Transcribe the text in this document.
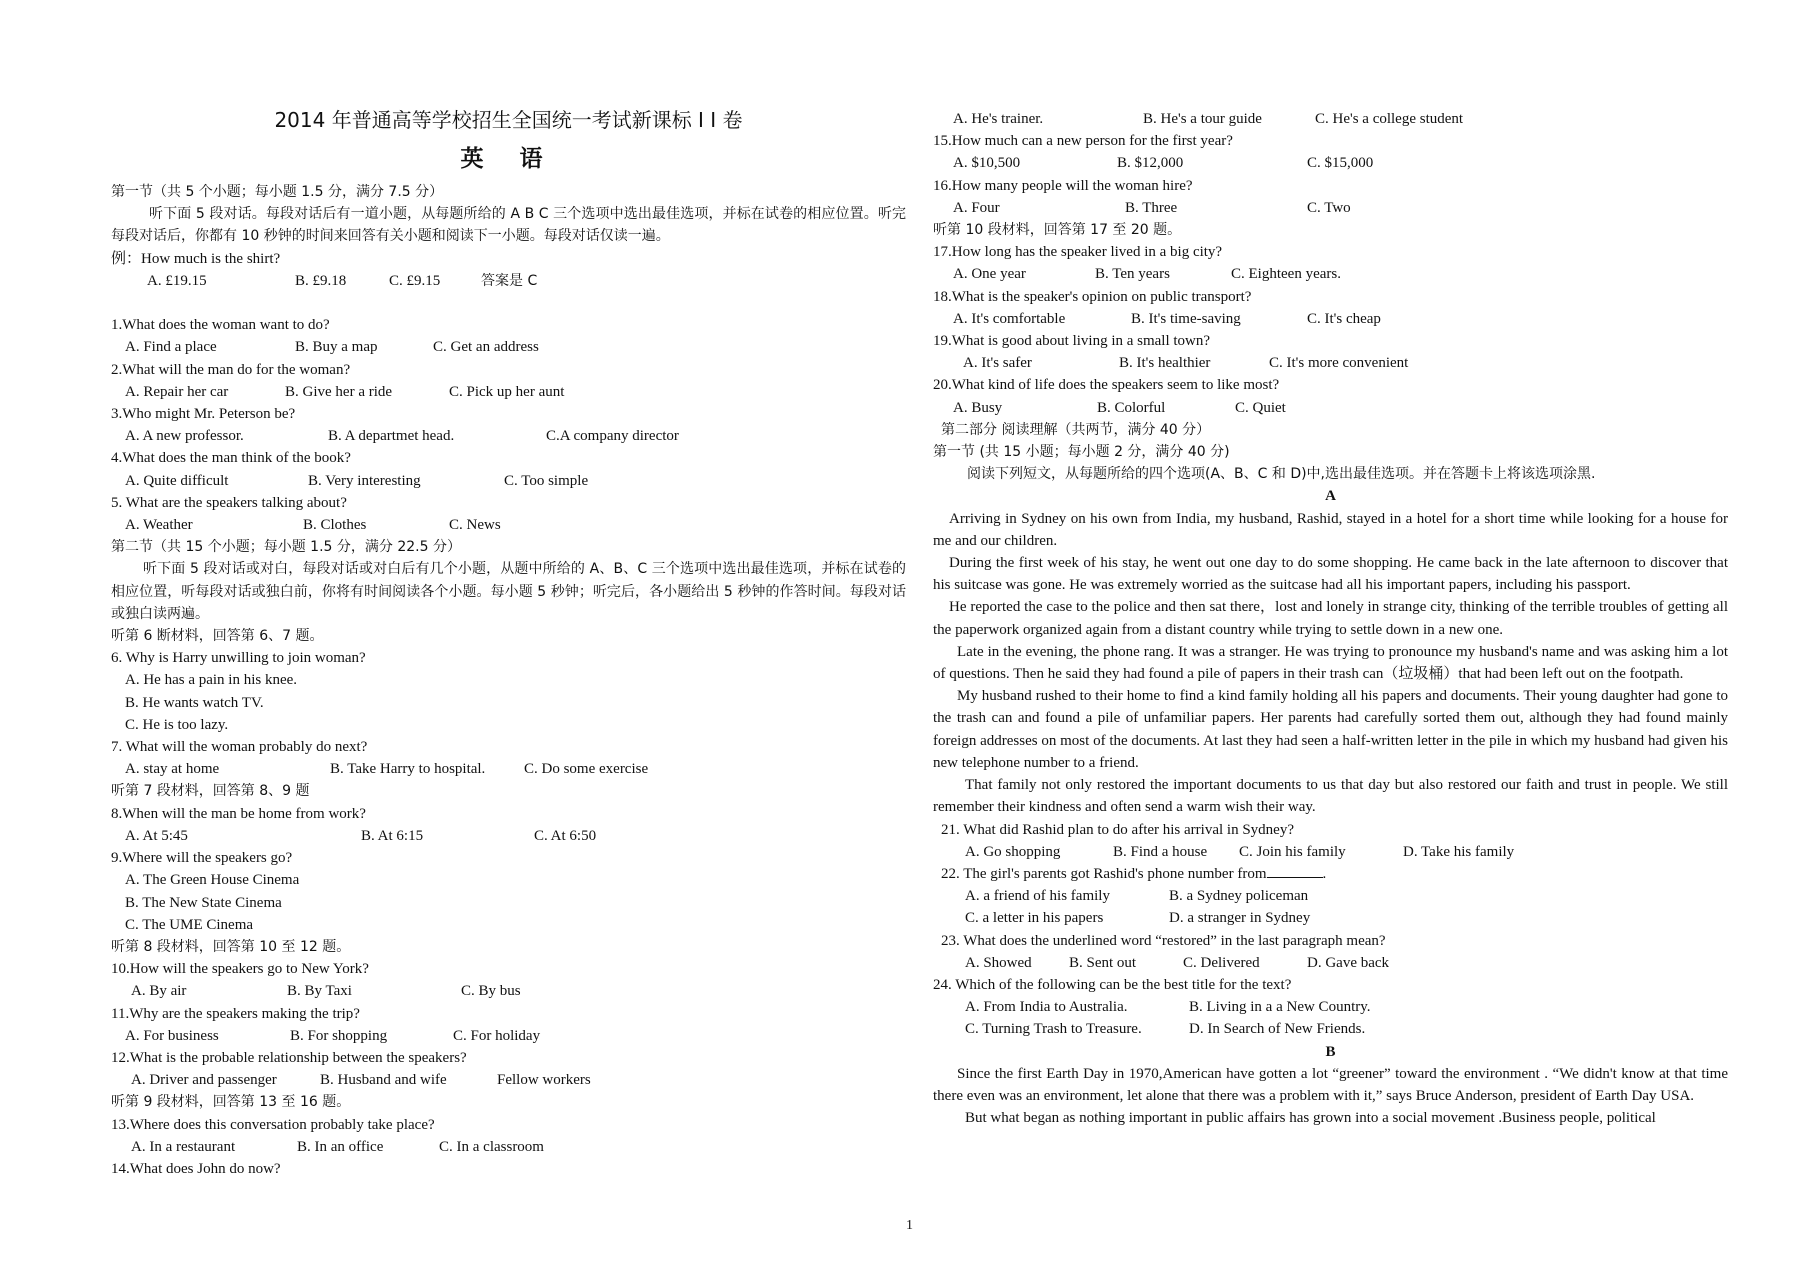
2014 年普通高等学校招生全国统一考试新课标 I I 卷
英 语
第一节（共 5 个小题；每小题 1.5 分，满分 7.5 分）
听下面 5 段对话。每段对话后有一道小题，从每题所给的 A B C 三个选项中选出最佳选项，并标在试卷的相应位置。听完每段对话后，你都有 10 秒钟的时间来回答有关小题和阅读下一小题。每段对话仅读一遍。
例：How much is the shirt?
A. £19.15	B. £9.18	C. £9.15	答案是 C

1.What does the woman want to do?
A. Find a place	B. Buy a map	C. Get an address
2.What will the man do for the woman?
A. Repair her car	B. Give her a ride	C. Pick up her aunt
3.Who might Mr. Peterson be?
A. A new professor.	B. A departmet head.	C.A company director
4.What does the man think of the book?
A. Quite difficult	B. Very interesting	C. Too simple
5. What are the speakers talking about?
A. Weather	B. Clothes	C. News
第二节（共 15 个小题；每小题 1.5 分，满分 22.5 分）
听下面 5 段对话或对白，每段对话或对白后有几个小题，从题中所给的 A、B、C 三个选项中选出最佳选项，并标在试卷的相应位置，听每段对话或独白前，你将有时间阅读各个小题。每小题 5 秒钟；听完后，各小题给出 5 秒钟的作答时间。每段对话或独白读两遍。
听第 6 断材料，回答第 6、7 题。
6. Why is Harry unwilling to join woman?
A. He has a pain in his knee.
B. He wants watch TV.
C. He is too lazy.
7. What will the woman probably do next?
A. stay at home	B. Take Harry to hospital.	C. Do some exercise
听第 7 段材料，回答第 8、9 题
8.When will the man be home from work?
A. At 5:45	B. At 6:15	C. At 6:50
9.Where will the speakers go?
A. The Green House Cinema
B. The New State Cinema
C. The UME Cinema
听第 8 段材料，回答第 10 至 12 题。
10.How will the speakers go to New York?
A. By air	B. By Taxi	C. By bus
11.Why are the speakers making the trip?
A. For business	B. For shopping	C. For holiday
12.What is the probable relationship between the speakers?
A. Driver and passenger	B. Husband and wife	Fellow workers
听第 9 段材料，回答第 13 至 16 题。
13.Where does this conversation probably take place?
A. In a restaurant	B. In an office	C. In a classroom
14.What does John do now?
A. He's trainer.	B. He's a tour guide	C. He's a college student
15.How much can a new person for the first year?
A. $10,500	B. $12,000	C. $15,000
16.How many people will the woman hire?
A. Four	B. Three	C. Two
听第 10 段材料，回答第 17 至 20 题。
17.How long has the speaker lived in a big city?
A. One year	B. Ten years	C. Eighteen years.
18.What is the speaker's opinion on public transport?
A. It's comfortable	B. It's time-saving	C. It's cheap
19.What is good about living in a small town?
A. It's safer	B. It's healthier	C. It's more convenient
20.What kind of life does the speakers seem to like most?
A. Busy	B. Colorful	C. Quiet
第二部分 阅读理解（共两节，满分 40 分）
第一节 (共 15 小题；每小题 2 分，满分 40 分)
阅读下列短文，从每题所给的四个选项(A、B、C 和 D)中,选出最佳选项。并在答题卡上将该选项涂黑.
A
Arriving in Sydney on his own from India, my husband, Rashid, stayed in a hotel for a short time while looking for a house for me and our children.
During the first week of his stay, he went out one day to do some shopping. He came back in the late afternoon to discover that his suitcase was gone. He was extremely worried as the suitcase had all his important papers, including his passport.
He reported the case to the police and then sat there，lost and lonely in strange city, thinking of the terrible troubles of getting all the paperwork organized again from a distant country while trying to settle down in a new one.
Late in the evening, the phone rang. It was a stranger. He was trying to pronounce my husband's name and was asking him a lot of questions. Then he said they had found a pile of papers in their trash can（垃圾桶）that had been left out on the footpath.
My husband rushed to their home to find a kind family holding all his papers and documents. Their young daughter had gone to the trash can and found a pile of unfamiliar papers. Her parents had carefully sorted them out, although they had found mainly foreign addresses on most of the documents. At last they had seen a half-written letter in the pile in which my husband had given his new telephone number to a friend.
That family not only restored the important documents to us that day but also restored our faith and trust in people. We still remember their kindness and often send a warm wish their way.
21. What did Rashid plan to do after his arrival in Sydney?
A. Go shopping	B. Find a house	C. Join his family	D. Take his family
22. The girl's parents got Rashid's phone number from	.
A. a friend of his family	B. a Sydney policeman
C. a letter in his papers	D. a stranger in Sydney
23. What does the underlined word “restored” in the last paragraph mean?
A. Showed	B. Sent out	C. Delivered	D. Gave back
24. Which of the following can be the best title for the text?
A. From India to Australia.	B. Living in a a New Country.
C. Turning Trash to Treasure.	D. In Search of New Friends.
B
Since the first Earth Day in 1970,American have gotten a lot “greener” toward the environment . “We didn't know at that time there even was an environment, let alone that there was a problem with it,” says Bruce Anderson, president of Earth Day USA.
But what began as nothing important in public affairs has grown into a social movement .Business people, political
1
